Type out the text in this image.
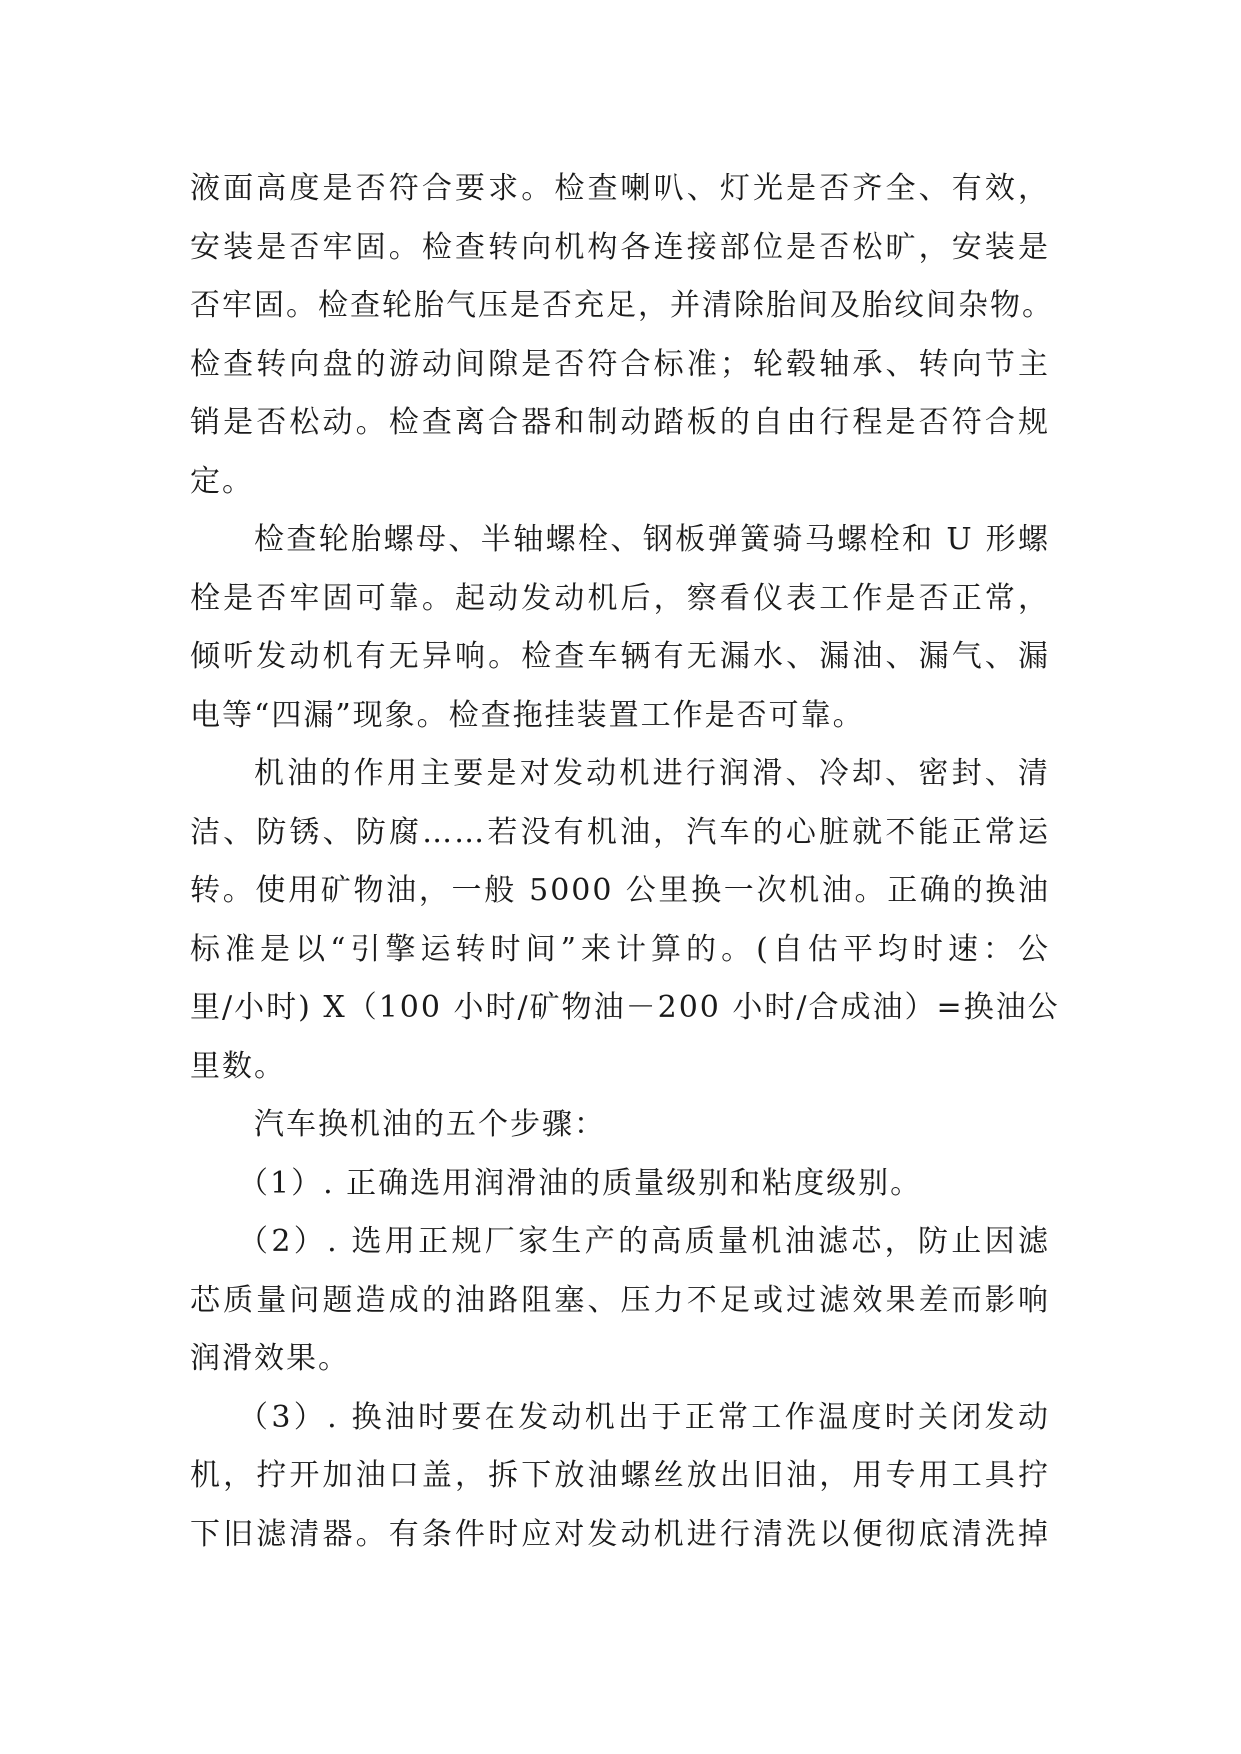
液面高度是否符合要求。检查喇叭、灯光是否齐全、有效，
安装是否牢固。检查转向机构各连接部位是否松旷，安装是
否牢固。检查轮胎气压是否充足，并清除胎间及胎纹间杂物。
检查转向盘的游动间隙是否符合标准；轮毂轴承、转向节主
销是否松动。检查离合器和制动踏板的自由行程是否符合规
定。
检查轮胎螺母、半轴螺栓、钢板弹簧骑马螺栓和 U 形螺
栓是否牢固可靠。起动发动机后，察看仪表工作是否正常，
倾听发动机有无异响。检查车辆有无漏水、漏油、漏气、漏
电等“四漏”现象。检查拖挂装置工作是否可靠。
机油的作用主要是对发动机进行润滑、冷却、密封、清
洁、防锈、防腐……若没有机油，汽车的心脏就不能正常运
转。使用矿物油，一般 5000 公里换一次机油。正确的换油
标准是以“引擎运转时间”来计算的。(自估平均时速：公
里/小时) X（100 小时/矿物油－200 小时/合成油）=换油公
里数。
汽车换机油的五个步骤：
（1）. 正确选用润滑油的质量级别和粘度级别。
（2）. 选用正规厂家生产的高质量机油滤芯，防止因滤
芯质量问题造成的油路阻塞、压力不足或过滤效果差而影响
润滑效果。
（3）. 换油时要在发动机出于正常工作温度时关闭发动
机，拧开加油口盖，拆下放油螺丝放出旧油，用专用工具拧
下旧滤清器。有条件时应对发动机进行清洗以便彻底清洗掉
